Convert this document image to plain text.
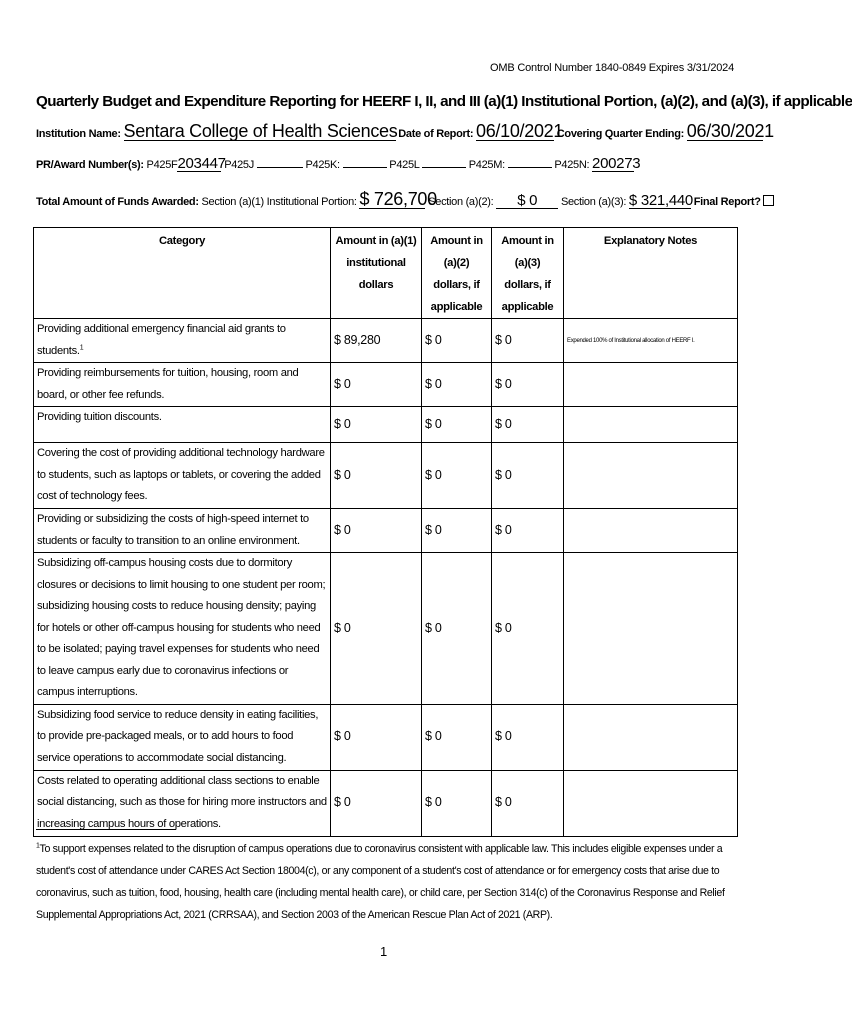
OMB Control Number 1840-0849 Expires 3/31/2024
Quarterly Budget and Expenditure Reporting for HEERF I, II, and III (a)(1) Institutional Portion, (a)(2), and (a)(3), if applicable
Institution Name: Sentara College of Health Sciences Date of Report: 06/10/2021 Covering Quarter Ending: 06/30/2021
PR/Award Number(s): P425F203447 P425J	P425K:	P425L	P425M:	P425N: 200273
Total Amount of Funds Awarded: Section (a)(1) Institutional Portion: $ 726,700 Section (a)(2): $ 0 Section (a)(3): $ 321,440 Final Report?
Category	Amount in (a)(1) institutional dollars	Amount in (a)(2) dollars, if applicable	Amount in (a)(3) dollars, if applicable	Explanatory Notes
Providing additional emergency financial aid grants to students.$^1$	$ 89,280	$ 0	$ 0	Expended 100% of Institutional allocation of HEERF I.
Providing reimbursements for tuition, housing, room and board, or other fee refunds.	$ 0	$ 0	$ 0	
Providing tuition discounts.	$ 0	$ 0	$ 0	
Covering the cost of providing additional technology hardware to students, such as laptops or tablets, or covering the added cost of technology fees.	$ 0	$ 0	$ 0	
Providing or subsidizing the costs of high-speed internet to students or faculty to transition to an online environment.	$ 0	$ 0	$ 0	
Subsidizing off-campus housing costs due to dormitory closures or decisions to limit housing to one student per room; subsidizing housing costs to reduce housing density; paying for hotels or other off-campus housing for students who need to be isolated; paying travel expenses for students who need to leave campus early due to coronavirus infections or campus interruptions.	$ 0	$ 0	$ 0	
Subsidizing food service to reduce density in eating facilities, to provide pre-packaged meals, or to add hours to food service operations to accommodate social distancing.	$ 0	$ 0	$ 0	
Costs related to operating additional class sections to enable social distancing, such as those for hiring more instructors and increasing campus hours of operations.	$ 0	$ 0	$ 0	
$^1$To support expenses related to the disruption of campus operations due to coronavirus consistent with applicable law. This includes eligible expenses under a student's cost of attendance under CARES Act Section 18004(c), or any component of a student's cost of attendance or for emergency costs that arise due to coronavirus, such as tuition, food, housing, health care (including mental health care), or child care, per Section 314(c) of the Coronavirus Response and Relief Supplemental Appropriations Act, 2021 (CRRSAA), and Section 2003 of the American Rescue Plan Act of 2021 (ARP).
1
